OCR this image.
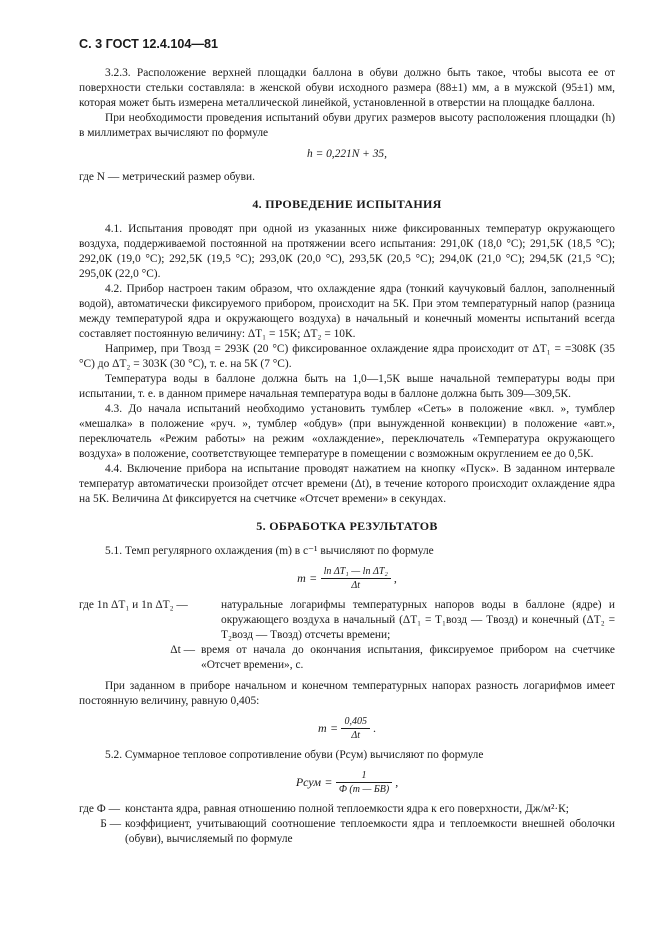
С. 3 ГОСТ 12.4.104—81

3.2.3. Расположение верхней площадки баллона в обуви должно быть такое, чтобы высота ее от поверхности стельки составляла: в женской обуви исходного размера (88±1) мм, а в мужской (95±1) мм, которая может быть измерена металлической линейкой, установленной в отверстии на площадке баллона.

При необходимости проведения испытаний обуви других размеров высоту расположения площадки (h) в миллиметрах вычисляют по формуле

h = 0,221N + 35,

где N — метрический размер обуви.

4. ПРОВЕДЕНИЕ ИСПЫТАНИЯ

4.1. Испытания проводят при одной из указанных ниже фиксированных температур окружающего воздуха, поддерживаемой постоянной на протяжении всего испытания: 291,0К (18,0 °С); 291,5К (18,5 °С); 292,0К (19,0 °С); 292,5К (19,5 °С); 293,0К (20,0 °С), 293,5К (20,5 °С); 294,0К (21,0 °С); 294,5К (21,5 °С); 295,0К (22,0 °С).

4.2. Прибор настроен таким образом, что охлаждение ядра (тонкий каучуковый баллон, заполненный водой), автоматически фиксируемого прибором, происходит на 5К. При этом температурный напор (разница между температурой ядра и окружающего воздуха) в начальный и конечный моменты испытаний всегда составляет постоянную величину: ΔT₁ = 15К; ΔT₂ = 10К.

Например, при Tвозд = 293К (20 °С) фиксированное охлаждение ядра происходит от ΔT₁ = =308К (35 °С) до ΔT₂ = 303К (30 °С), т. е. на 5К (7 °С).

Температура воды в баллоне должна быть на 1,0—1,5К выше начальной температуры воды при испытании, т. е. в данном примере начальная температура воды в баллоне должна быть 309—309,5К.

4.3. До начала испытаний необходимо установить тумблер «Сеть» в положение «вкл. », тумблер «мешалка» в положение «руч. », тумблер «обдув» (при вынужденной конвекции) в положение «авт.», переключатель «Режим работы» на режим «охлаждение», переключатель «Температура окружающего воздуха» в положение, соответствующее температуре в помещении с возможным округлением ее до 0,5К.

4.4. Включение прибора на испытание проводят нажатием на кнопку «Пуск». В заданном интервале температур автоматически произойдет отсчет времени (Δt), в течение которого происходит охлаждение ядра на 5К. Величина Δt фиксируется на счетчике «Отсчет времени» в секундах.

5. ОБРАБОТКА РЕЗУЛЬТАТОВ

5.1. Темп регулярного охлаждения (m) в с⁻¹ вычисляют по формуле

$m = \frac{\text{ln ΔT₁ — ln ΔT₂}}{\Delta t}$ ,
где 1n ΔT₁ и 1n ΔT₂ —	натуральные логарифмы температурных напоров воды в баллоне (ядре) и окружающего воздуха в начальный (ΔT₁ = T₁возд — Tвозд) и конечный (ΔT₂ = T₂возд — Tвозд) отсчеты времени;
Δt — время от начала до окончания испытания, фиксируемое прибором на счетчике «Отсчет времени», с.

При заданном в приборе начальном и конечном температурных напорах разность логарифмов имеет постоянную величину, равную 0,405:

$m = \frac{0,405}{\Delta t}$ .

5.2. Суммарное тепловое сопротивление обуви (Pсум) вычисляют по формуле

Pсум = $\frac{1}{Ф (m — БВ)}$ ,
где Ф — константа ядра, равная отношению полной теплоемкости ядра к его поверхности, Дж/м²·К;
Б — коэффициент, учитывающий соотношение теплоемкости ядра и теплоемкости внешней оболочки (обуви), вычисляемый по формуле
